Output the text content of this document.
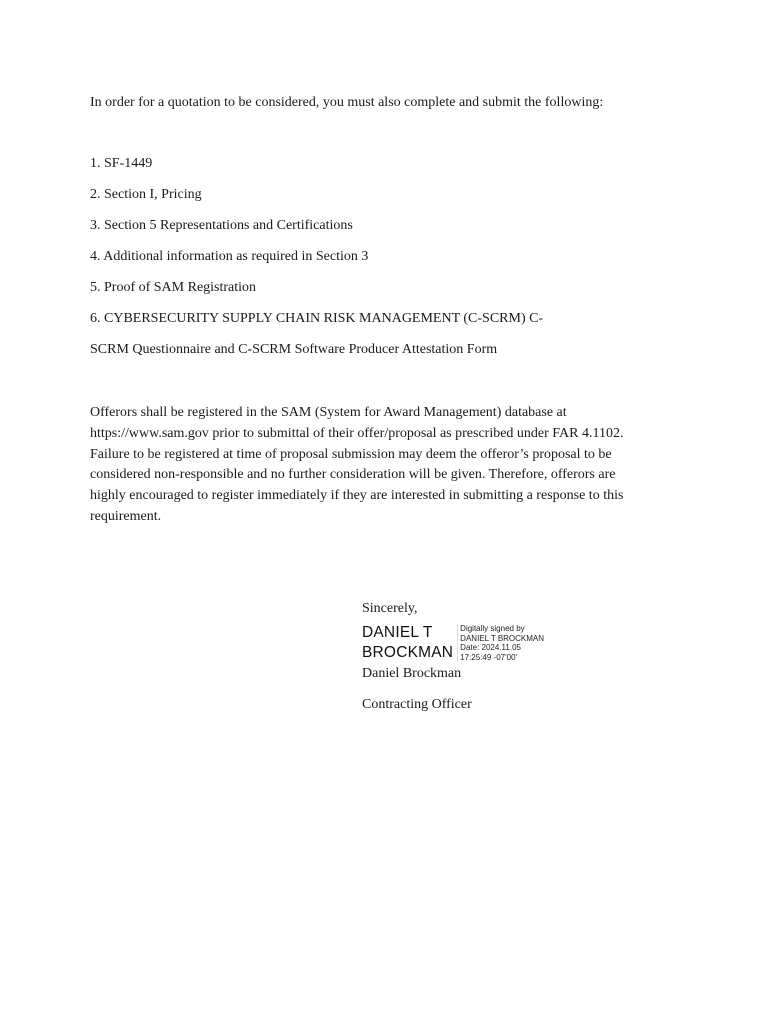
In order for a quotation to be considered, you must also complete and submit the following:

1. SF-1449
2. Section I, Pricing
3. Section 5 Representations and Certifications
4. Additional information as required in Section 3
5. Proof of SAM Registration
6. CYBERSECURITY SUPPLY CHAIN RISK MANAGEMENT (C-SCRM) C-
SCRM Questionnaire and C-SCRM Software Producer Attestation Form

Offerors shall be registered in the SAM (System for Award Management) database at
https://www.sam.gov prior to submittal of their offer/proposal as prescribed under FAR 4.1102.
Failure to be registered at time of proposal submission may deem the offeror’s proposal to be
considered non-responsible and no further consideration will be given. Therefore, offerors are
highly encouraged to register immediately if they are interested in submitting a response to this
requirement.

Sincerely,

DANIEL T
BROCKMAN
Digitally signed by
DANIEL T BROCKMAN
Date: 2024.11.05
17:25:49 -07'00'

Daniel Brockman

Contracting Officer
